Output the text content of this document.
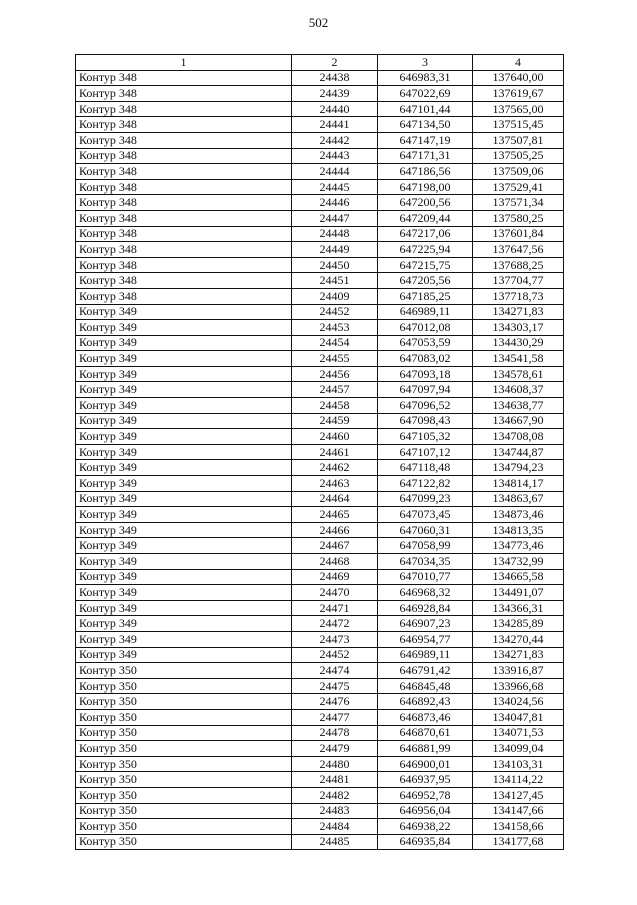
502
1	2	3	4
Контур 348	24438	646983,31	137640,00
Контур 348	24439	647022,69	137619,67
Контур 348	24440	647101,44	137565,00
Контур 348	24441	647134,50	137515,45
Контур 348	24442	647147,19	137507,81
Контур 348	24443	647171,31	137505,25
Контур 348	24444	647186,56	137509,06
Контур 348	24445	647198,00	137529,41
Контур 348	24446	647200,56	137571,34
Контур 348	24447	647209,44	137580,25
Контур 348	24448	647217,06	137601,84
Контур 348	24449	647225,94	137647,56
Контур 348	24450	647215,75	137688,25
Контур 348	24451	647205,56	137704,77
Контур 348	24409	647185,25	137718,73
Контур 349	24452	646989,11	134271,83
Контур 349	24453	647012,08	134303,17
Контур 349	24454	647053,59	134430,29
Контур 349	24455	647083,02	134541,58
Контур 349	24456	647093,18	134578,61
Контур 349	24457	647097,94	134608,37
Контур 349	24458	647096,52	134638,77
Контур 349	24459	647098,43	134667,90
Контур 349	24460	647105,32	134708,08
Контур 349	24461	647107,12	134744,87
Контур 349	24462	647118,48	134794,23
Контур 349	24463	647122,82	134814,17
Контур 349	24464	647099,23	134863,67
Контур 349	24465	647073,45	134873,46
Контур 349	24466	647060,31	134813,35
Контур 349	24467	647058,99	134773,46
Контур 349	24468	647034,35	134732,99
Контур 349	24469	647010,77	134665,58
Контур 349	24470	646968,32	134491,07
Контур 349	24471	646928,84	134366,31
Контур 349	24472	646907,23	134285,89
Контур 349	24473	646954,77	134270,44
Контур 349	24452	646989,11	134271,83
Контур 350	24474	646791,42	133916,87
Контур 350	24475	646845,48	133966,68
Контур 350	24476	646892,43	134024,56
Контур 350	24477	646873,46	134047,81
Контур 350	24478	646870,61	134071,53
Контур 350	24479	646881,99	134099,04
Контур 350	24480	646900,01	134103,31
Контур 350	24481	646937,95	134114,22
Контур 350	24482	646952,78	134127,45
Контур 350	24483	646956,04	134147,66
Контур 350	24484	646938,22	134158,66
Контур 350	24485	646935,84	134177,68
